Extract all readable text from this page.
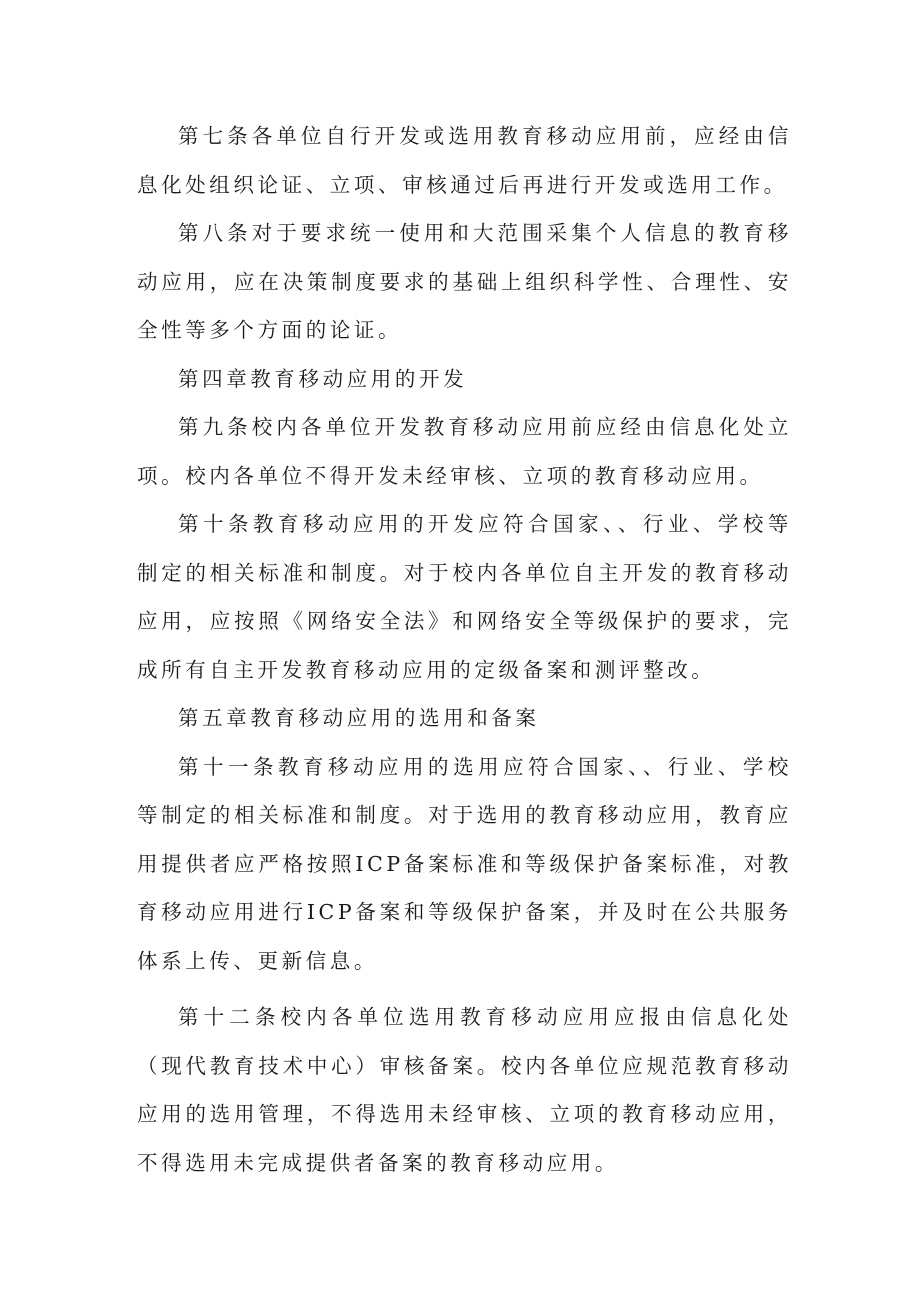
第七条各单位自行开发或选用教育移动应用前，应经由信息化处组织论证、立项、审核通过后再进行开发或选用工作。

第八条对于要求统一使用和大范围采集个人信息的教育移动应用，应在决策制度要求的基础上组织科学性、合理性、安全性等多个方面的论证。

第四章教育移动应用的开发

第九条校内各单位开发教育移动应用前应经由信息化处立项。校内各单位不得开发未经审核、立项的教育移动应用。

第十条教育移动应用的开发应符合国家、、行业、学校等制定的相关标准和制度。对于校内各单位自主开发的教育移动应用，应按照《网络安全法》和网络安全等级保护的要求，完成所有自主开发教育移动应用的定级备案和测评整改。

第五章教育移动应用的选用和备案

第十一条教育移动应用的选用应符合国家、、行业、学校等制定的相关标准和制度。对于选用的教育移动应用，教育应用提供者应严格按照ICP备案标准和等级保护备案标准，对教育移动应用进行ICP备案和等级保护备案，并及时在公共服务体系上传、更新信息。

第十二条校内各单位选用教育移动应用应报由信息化处（现代教育技术中心）审核备案。校内各单位应规范教育移动应用的选用管理，不得选用未经审核、立项的教育移动应用，不得选用未完成提供者备案的教育移动应用。
